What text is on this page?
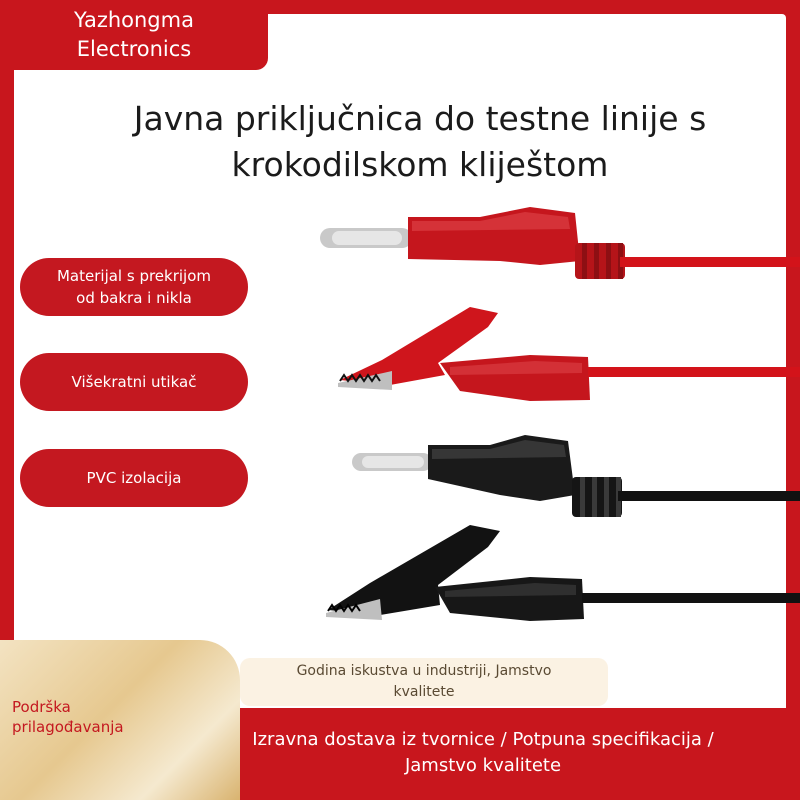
Yazhongma
Electronics
Javna priključnica do testne linije s
krokodilskom kliještom
Materijal s prekrijom
od bakra i nikla
Višekratni utikač
PVC izolacija
Podrška
prilagođavanja
Godina iskustva u industriji, Jamstvo
kvalitete
Izravna dostava iz tvornice / Potpuna specifikacija /
Jamstvo kvalitete
